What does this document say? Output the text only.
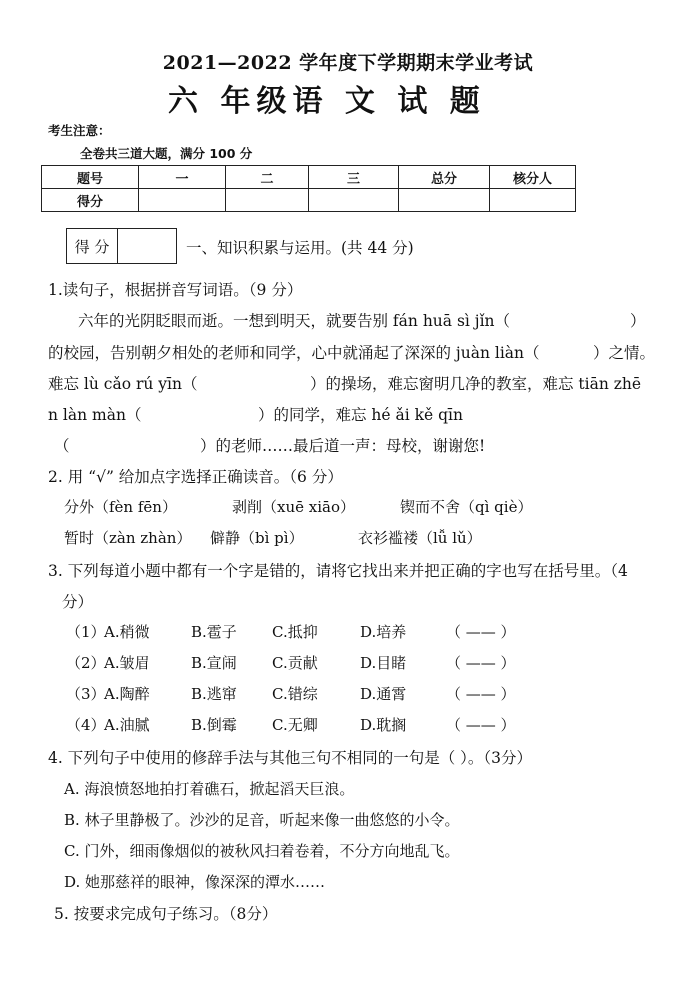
2021—2022 学年度下学期期末学业考试
六 年级语 文 试 题
考生注意：
全卷共三道大题，满分 100 分
题号	一	二	三	总分	核分人
得分					
得 分		一、知识积累与运用。(共 44 分)
1.读句子，根据拼音写词语。（9 分）
六年的光阴眨眼而逝。一想到明天，就要告别 fán huā sì jǐn（	）
的校园，告别朝夕相处的老师和同学，心中就涌起了深深的 juàn liàn（	）之情。
难忘 lù cǎo rú yīn（	）的操场，难忘窗明几净的教室，难忘 tiān zhē
n làn màn（	）的同学，难忘 hé ǎi kě qīn
（	）的老师……最后道一声：母校，谢谢您!
2. 用 “√” 给加点字选择正确读音。（6 分）
分外（fèn fēn）	剥削（xuē xiāo）	锲而不舍（qì qiè）
暂时（zàn zhàn） 僻静（bì pì）	衣衫褴褛（lǚ lǔ）
3. 下列每道小题中都有一个字是错的，请将它找出来并把正确的字也写在括号里。（4
分）
（1）
A.稍微	B.雹子 C.抵抑	D.培养	（ —— ）
（2）
A.皱眉	B.宣闹 C.贡献	D.目睹	（ —— ）
（3）
A.陶醉	B.逃窜 C.错综	D.通霄	（ —— ）
（4）
A.油腻	B.倒霉 C.无卿	D.耽搁	（ —— ）
4. 下列句子中使用的修辞手法与其他三句不相同的一句是（ ）。（3分）
A. 海浪愤怒地拍打着礁石，掀起滔天巨浪。
B. 林子里静极了。沙沙的足音，听起来像一曲悠悠的小令。
C. 门外，细雨像烟似的被秋风扫着卷着，不分方向地乱飞。
D. 她那慈祥的眼神，像深深的潭水……
5. 按要求完成句子练习。（8分）
